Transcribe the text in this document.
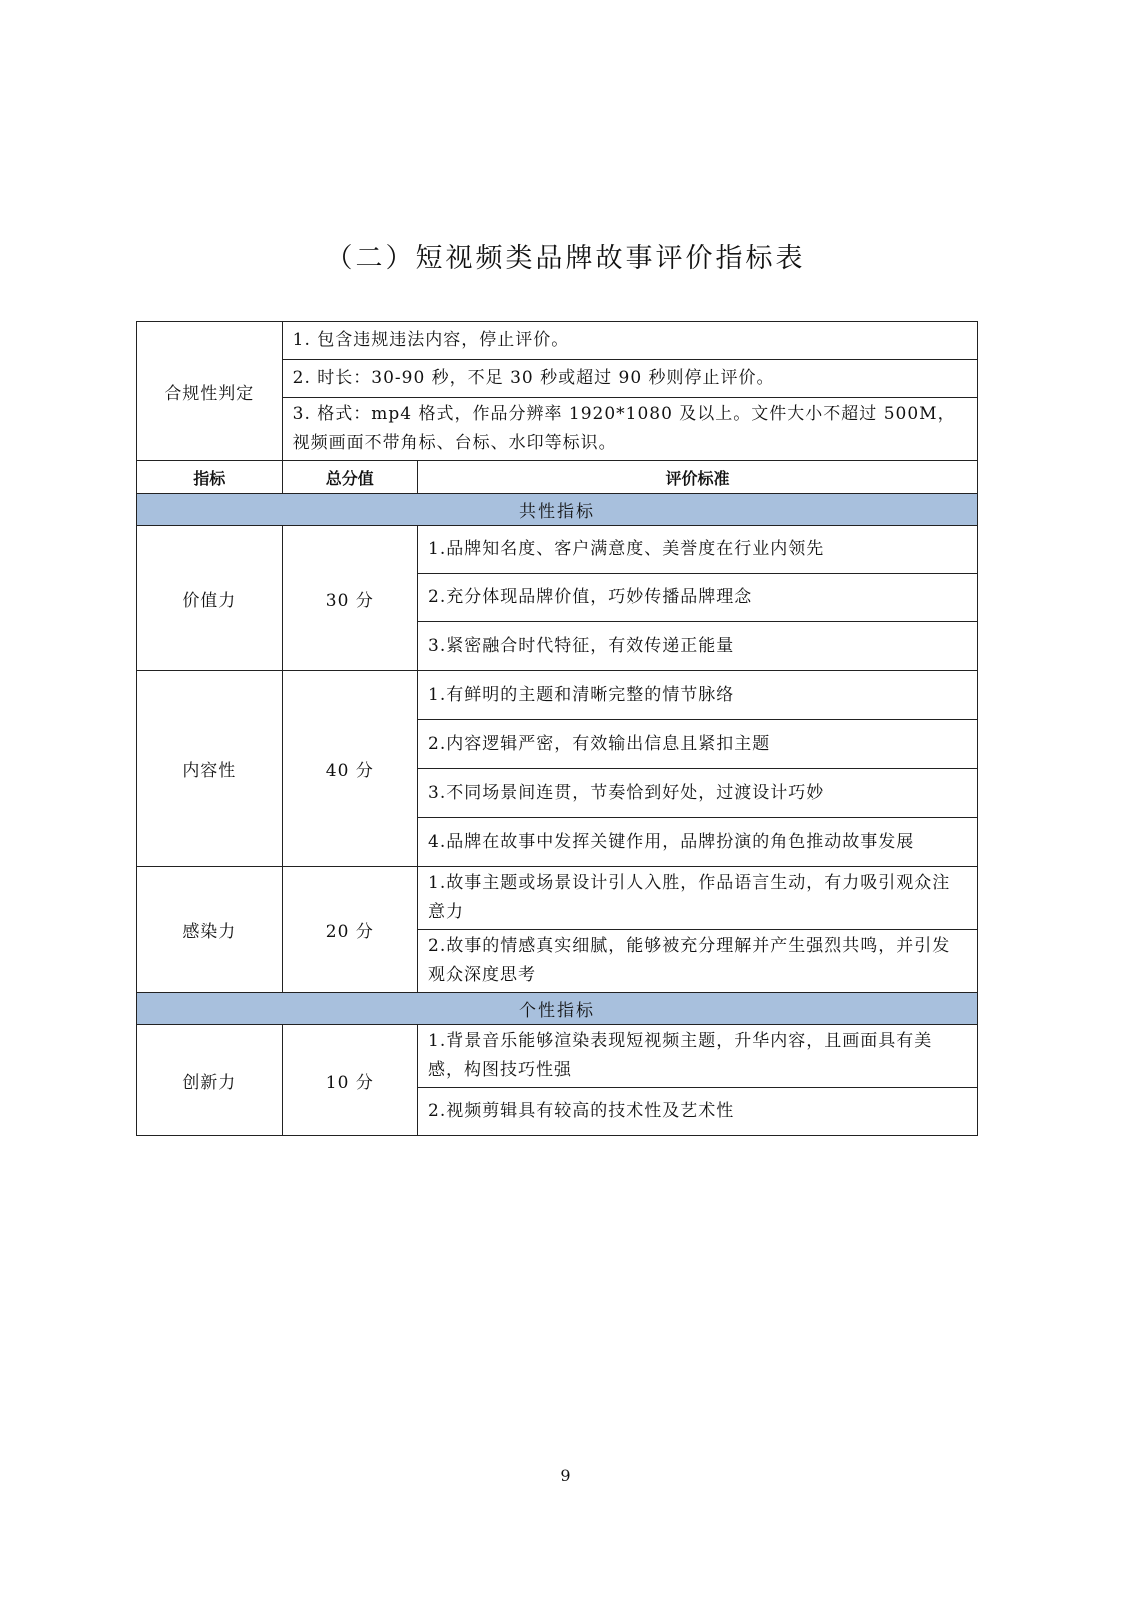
（二）短视频类品牌故事评价指标表
合规性判定	1. 包含违规违法内容，停止评价。	
	2. 时长：30-90 秒，不足 30 秒或超过 90 秒则停止评价。	
	3. 格式：mp4 格式，作品分辨率 1920*1080 及以上。文件大小不超过 500M，视频画面不带角标、台标、水印等标识。	
指标	总分值	评价标准
共性指标		
价值力	30 分	1.品牌知名度、客户满意度、美誉度在行业内领先
		2.充分体现品牌价值，巧妙传播品牌理念
		3.紧密融合时代特征，有效传递正能量
内容性	40 分	1.有鲜明的主题和清晰完整的情节脉络
		2.内容逻辑严密，有效输出信息且紧扣主题
		3.不同场景间连贯，节奏恰到好处，过渡设计巧妙
		4.品牌在故事中发挥关键作用，品牌扮演的角色推动故事发展
感染力	20 分	1.故事主题或场景设计引人入胜，作品语言生动，有力吸引观众注意力
		2.故事的情感真实细腻，能够被充分理解并产生强烈共鸣，并引发观众深度思考
个性指标		
创新力	10 分	1.背景音乐能够渲染表现短视频主题，升华内容，且画面具有美感，构图技巧性强
		2.视频剪辑具有较高的技术性及艺术性
9
